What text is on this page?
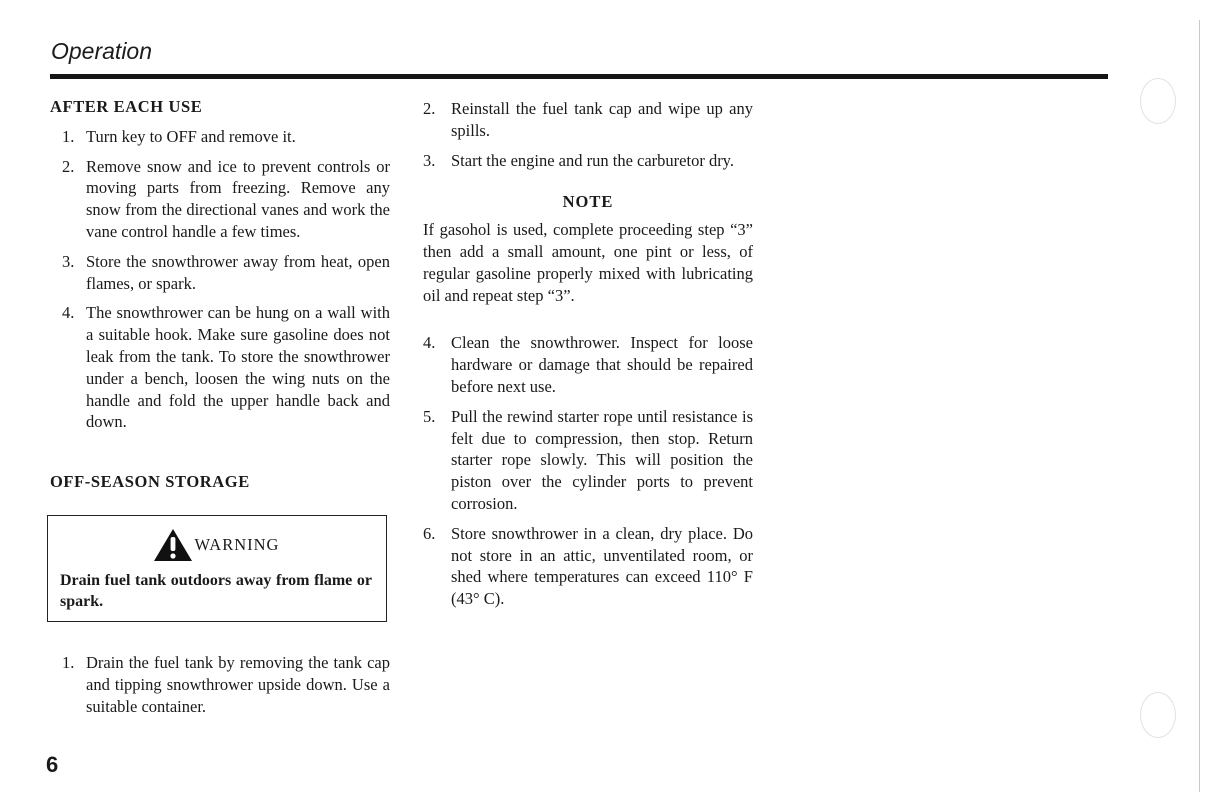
Operation
AFTER EACH USE
1. Turn key to OFF and remove it.
2. Remove snow and ice to prevent controls or moving parts from freezing. Remove any snow from the directional vanes and work the vane control handle a few times.
3. Store the snowthrower away from heat, open flames, or spark.
4. The snowthrower can be hung on a wall with a suitable hook. Make sure gasoline does not leak from the tank. To store the snowthrower under a bench, loosen the wing nuts on the handle and fold the upper handle back and down.
OFF-SEASON STORAGE
WARNING

Drain fuel tank outdoors away from flame or spark.

1. Drain the fuel tank by removing the tank cap and tipping snowthrower upside down. Use a suitable container.
2. Reinstall the fuel tank cap and wipe up any spills.
3. Start the engine and run the carburetor dry.
NOTE

If gasohol is used, complete proceeding step “3” then add a small amount, one pint or less, of regular gasoline properly mixed with lubricating oil and repeat step “3”.

4. Clean the snowthrower. Inspect for loose hardware or damage that should be repaired before next use.
5. Pull the rewind starter rope until resistance is felt due to compression, then stop. Return starter rope slowly. This will position the piston over the cylinder ports to prevent corrosion.
6. Store snowthrower in a clean, dry place. Do not store in an attic, unventilated room, or shed where temperatures can exceed 110° F (43° C).
6
